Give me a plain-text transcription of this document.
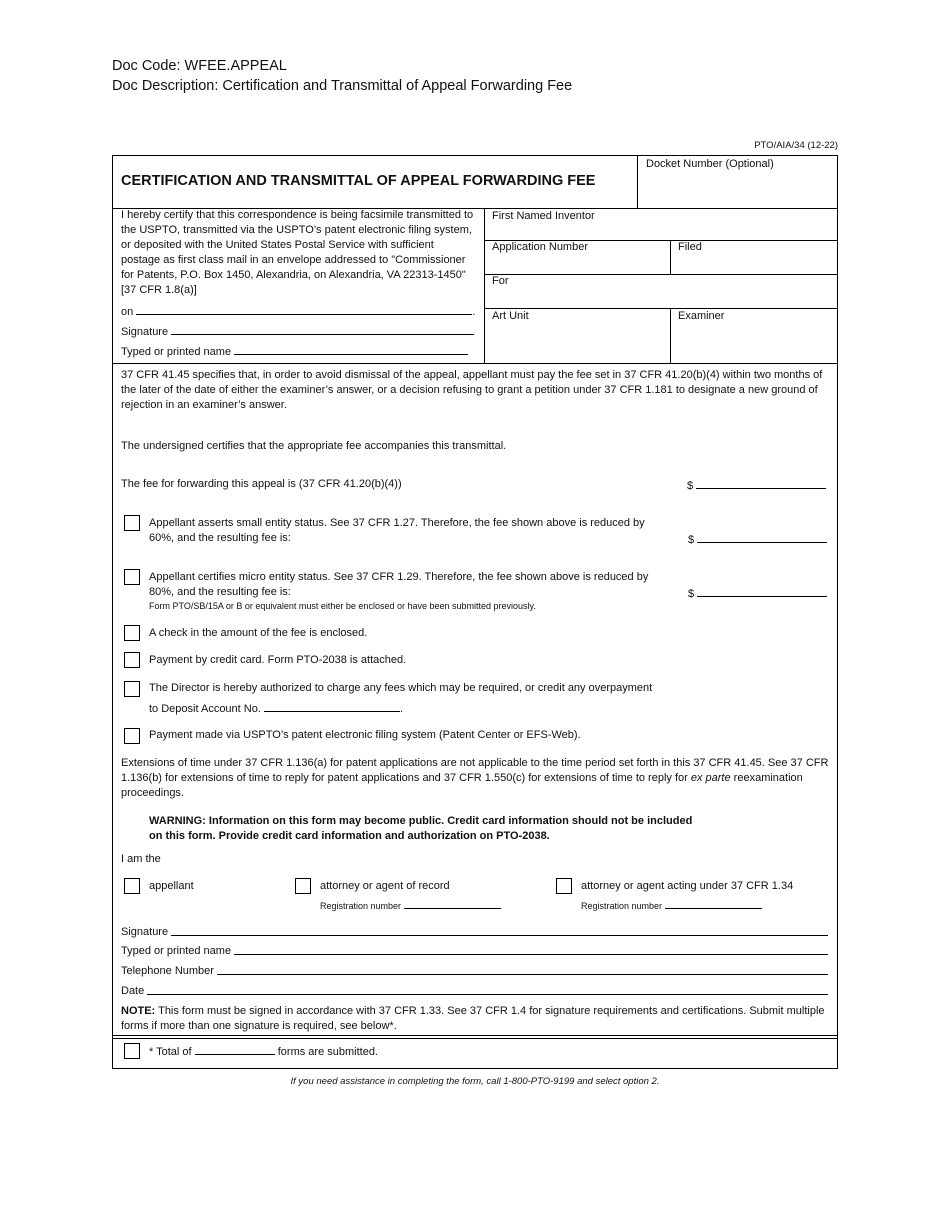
Doc Code: WFEE.APPEAL
Doc Description: Certification and Transmittal of Appeal Forwarding Fee
PTO/AIA/34 (12-22)
CERTIFICATION AND TRANSMITTAL OF APPEAL FORWARDING FEE
Docket Number (Optional)
I hereby certify that this correspondence is being facsimile transmitted to the USPTO, transmitted via the USPTO’s patent electronic filing system, or deposited with the United States Postal Service with sufficient postage as first class mail in an envelope addressed to "Commissioner for Patents, P.O. Box 1450, Alexandria, on Alexandria, VA 22313-1450" [37 CFR 1.8(a)]
on	.
Signature
Typed or printed name
First Named Inventor
Application Number	Filed
For
Art Unit	Examiner
37 CFR 41.45 specifies that, in order to avoid dismissal of the appeal, appellant must pay the fee set in 37 CFR 41.20(b)(4) within two months of the later of the date of either the examiner’s answer, or a decision refusing to grant a petition under 37 CFR 1.181 to designate a new ground of rejection in an examiner’s answer.
The undersigned certifies that the appropriate fee accompanies this transmittal.
The fee for forwarding this appeal is (37 CFR 41.20(b)(4))	$
Appellant asserts small entity status. See 37 CFR 1.27. Therefore, the fee shown above is reduced by 60%, and the resulting fee is:	$
Appellant certifies micro entity status. See 37 CFR 1.29. Therefore, the fee shown above is reduced by 80%, and the resulting fee is:
Form PTO/SB/15A or B or equivalent must either be enclosed or have been submitted previously.
$
A check in the amount of the fee is enclosed.
Payment by credit card. Form PTO-2038 is attached.
The Director is hereby authorized to charge any fees which may be required, or credit any overpayment
to Deposit Account No.	.
Payment made via USPTO’s patent electronic filing system (Patent Center or EFS-Web).
Extensions of time under 37 CFR 1.136(a) for patent applications are not applicable to the time period set forth in this 37 CFR 41.45. See 37 CFR 1.136(b) for extensions of time to reply for patent applications and 37 CFR 1.550(c) for extensions of time to reply for ex parte reexamination proceedings.
WARNING: Information on this form may become public. Credit card information should not be included
on this form. Provide credit card information and authorization on PTO-2038.
I am the
appellant	attorney or agent of record
Registration number
attorney or agent acting under 37 CFR 1.34
Registration number
Signature
Typed or printed name
Telephone Number
Date
NOTE: This form must be signed in accordance with 37 CFR 1.33. See 37 CFR 1.4 for signature requirements and certifications. Submit multiple forms if more than one signature is required, see below*.
* Total of	forms are submitted.
If you need assistance in completing the form, call 1-800-PTO-9199 and select option 2.
